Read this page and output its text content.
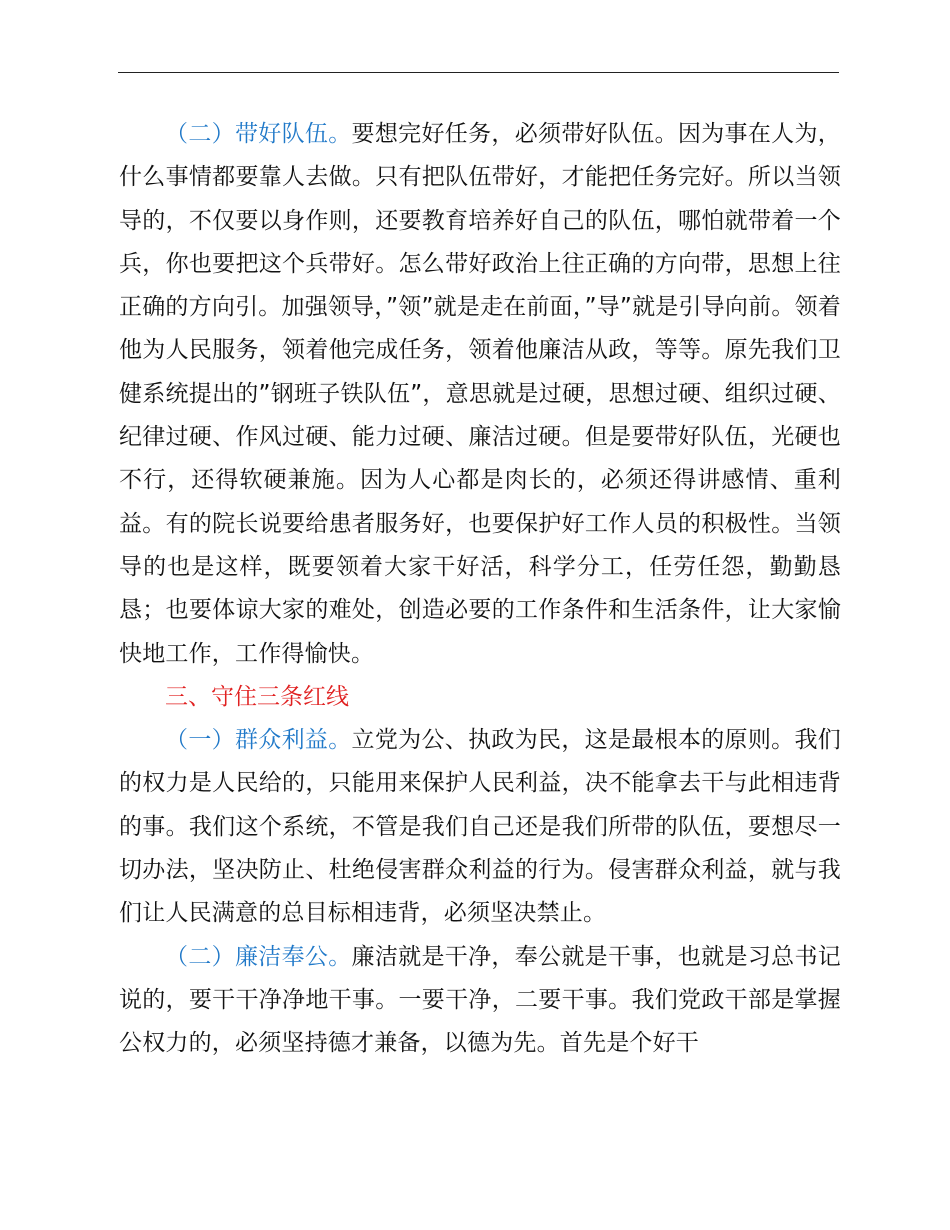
（二）带好队伍。要想完好任务，必须带好队伍。因为事在人为，什么事情都要靠人去做。只有把队伍带好，才能把任务完好。所以当领导的，不仅要以身作则，还要教育培养好自己的队伍，哪怕就带着一个兵，你也要把这个兵带好。怎么带好政治上往正确的方向带，思想上往正确的方向引。加强领导，”领”就是走在前面，”导”就是引导向前。领着他为人民服务，领着他完成任务，领着他廉洁从政，等等。原先我们卫健系统提出的”钢班子铁队伍”，意思就是过硬，思想过硬、组织过硬、纪律过硬、作风过硬、能力过硬、廉洁过硬。但是要带好队伍，光硬也不行，还得软硬兼施。因为人心都是肉长的，必须还得讲感情、重利益。有的院长说要给患者服务好，也要保护好工作人员的积极性。当领导的也是这样，既要领着大家干好活，科学分工，任劳任怨，勤勤恳恳；也要体谅大家的难处，创造必要的工作条件和生活条件，让大家愉快地工作，工作得愉快。

三、守住三条红线

（一）群众利益。立党为公、执政为民，这是最根本的原则。我们的权力是人民给的，只能用来保护人民利益，决不能拿去干与此相违背的事。我们这个系统，不管是我们自己还是我们所带的队伍，要想尽一切办法，坚决防止、杜绝侵害群众利益的行为。侵害群众利益，就与我们让人民满意的总目标相违背，必须坚决禁止。

（二）廉洁奉公。廉洁就是干净，奉公就是干事，也就是习总书记说的，要干干净净地干事。一要干净，二要干事。我们党政干部是掌握公权力的，必须坚持德才兼备，以德为先。首先是个好干
